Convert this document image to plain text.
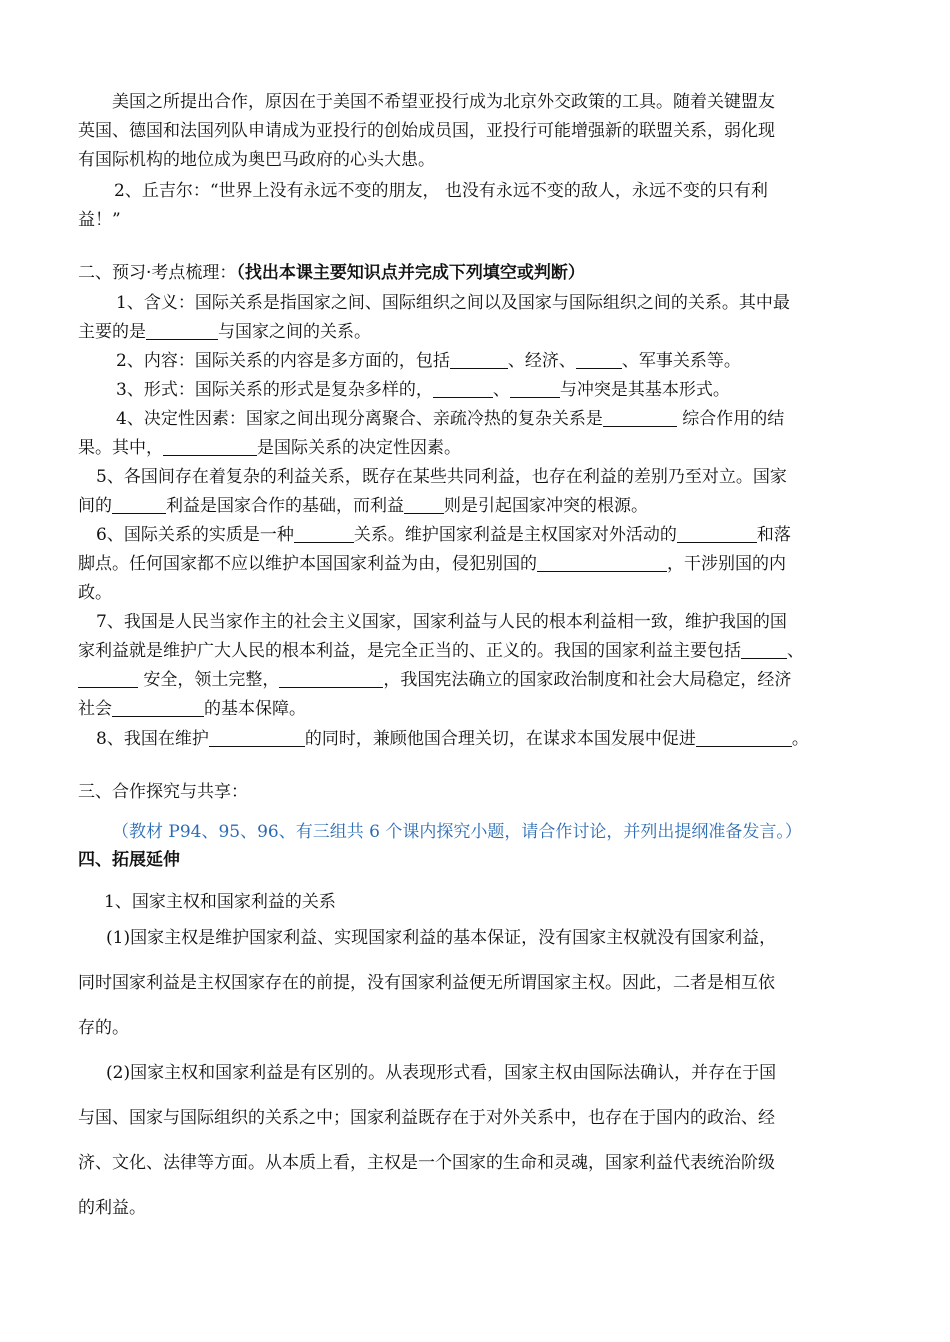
美国之所提出合作，原因在于美国不希望亚投行成为北京外交政策的工具。随着关键盟友
英国、德国和法国列队申请成为亚投行的创始成员国，亚投行可能增强新的联盟关系，弱化现
有国际机构的地位成为奥巴马政府的心头大患。
2、丘吉尔：“世界上没有永远不变的朋友， 也没有永远不变的敌人，永远不变的只有利
益！”
二、预习·考点梳理：（找出本课主要知识点并完成下列填空或判断）
1、含义：国际关系是指国家之间、国际组织之间以及国家与国际组织之间的关系。其中最
主要的是	与国家之间的关系。
2、内容：国际关系的内容是多方面的，包括	、经济、	、军事关系等。
3、形式：国际关系的形式是复杂多样的，	、	与冲突是其基本形式。
4、决定性因素：国家之间出现分离聚合、亲疏冷热的复杂关系是	综合作用的结
果。其中，	是国际关系的决定性因素。
5、各国间存在着复杂的利益关系，既存在某些共同利益，也存在利益的差别乃至对立。国家
间的	利益是国家合作的基础，而利益 则是引起国家冲突的根源。
6、国际关系的实质是一种	关系。维护国家利益是主权国家对外活动的	和落
脚点。任何国家都不应以维护本国国家利益为由，侵犯别国的	，干涉别国的内
政。
7、我国是人民当家作主的社会主义国家，国家利益与人民的根本利益相一致，维护我国的国
家利益就是维护广大人民的根本利益，是完全正当的、正义的。我国的国家利益主要包括	、
安全，领土完整，	，我国宪法确立的国家政治制度和社会大局稳定，经济
社会	的基本保障。
8、我国在维护	的同时，兼顾他国合理关切，在谋求本国发展中促进	。
三、合作探究与共享：
（教材 P94、95、96、有三组共 6 个课内探究小题，请合作讨论，并列出提纲准备发言。）
四、拓展延伸
1、国家主权和国家利益的关系
(1)国家主权是维护国家利益、实现国家利益的基本保证，没有国家主权就没有国家利益，
同时国家利益是主权国家存在的前提，没有国家利益便无所谓国家主权。因此，二者是相互依
存的。
(2)国家主权和国家利益是有区别的。从表现形式看，国家主权由国际法确认，并存在于国
与国、国家与国际组织的关系之中；国家利益既存在于对外关系中，也存在于国内的政治、经
济、文化、法律等方面。从本质上看，主权是一个国家的生命和灵魂，国家利益代表统治阶级
的利益。
